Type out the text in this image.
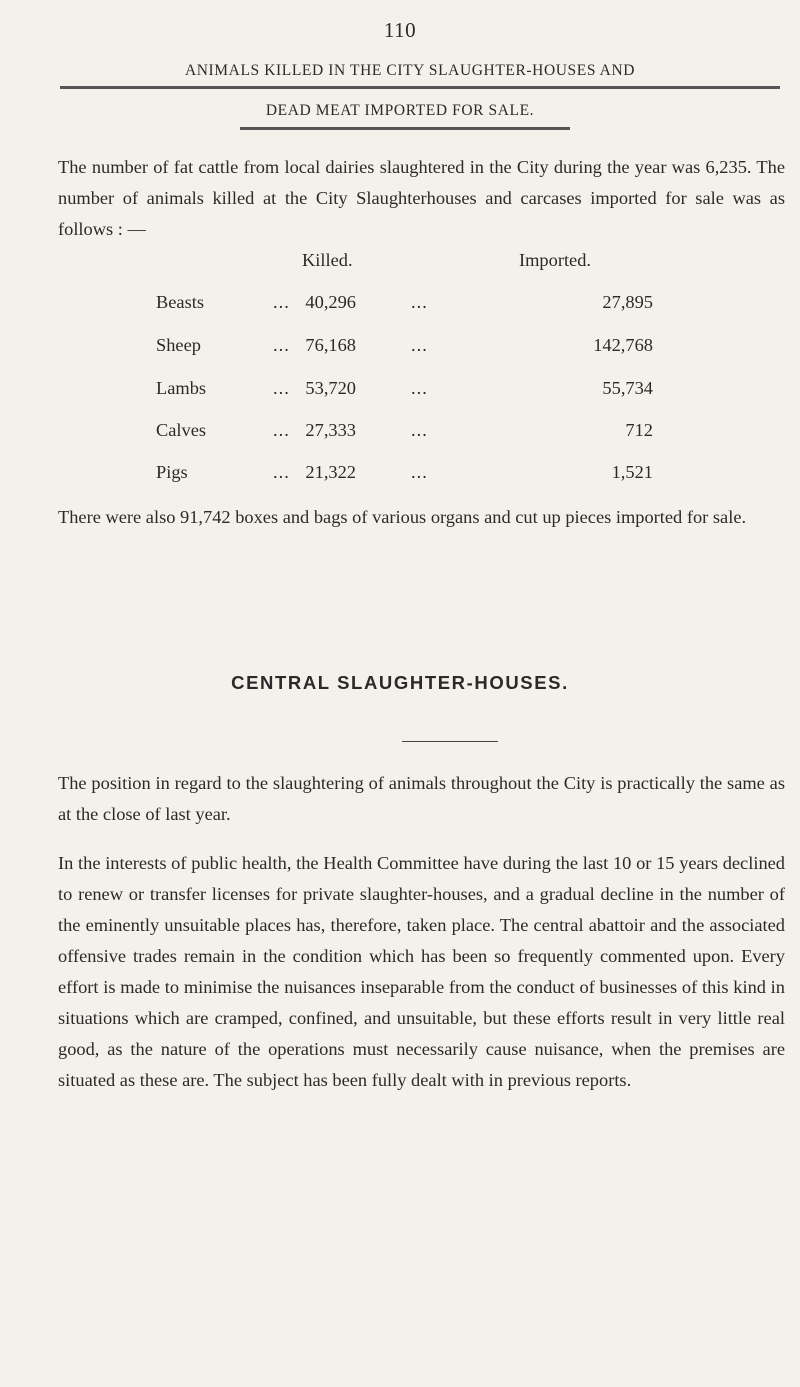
110
ANIMALS KILLED IN THE CITY SLAUGHTER-HOUSES AND
DEAD MEAT IMPORTED FOR SALE.

The number of fat cattle from local dairies slaughtered in the City during the year was 6,235. The number of animals killed at the City Slaughterhouses and carcases imported for sale was as follows : —

Killed.	Imported.
Beasts	... 40,296	...	27,895
Sheep	... 76,168	...	142,768
Lambs	... 53,720	...	55,734
Calves	... 27,333	...	712
Pigs	... 21,322	...	1,521

There were also 91,742 boxes and bags of various organs and cut up pieces imported for sale.

CENTRAL SLAUGHTER-HOUSES.

The position in regard to the slaughtering of animals throughout the City is practically the same as at the close of last year.

In the interests of public health, the Health Committee have during the last 10 or 15 years declined to renew or transfer licenses for private slaughter-houses, and a gradual decline in the number of the eminently unsuitable places has, therefore, taken place. The central abattoir and the associated offensive trades remain in the condition which has been so frequently commented upon. Every effort is made to minimise the nuisances inseparable from the conduct of businesses of this kind in situations which are cramped, confined, and unsuitable, but these efforts result in very little real good, as the nature of the operations must necessarily cause nuisance, when the premises are situated as these are. The subject has been fully dealt with in previous reports.
